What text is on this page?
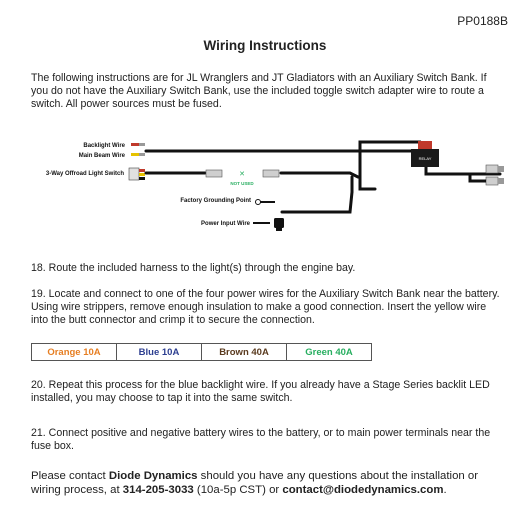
PP0188B
Wiring Instructions
The following instructions are for JL Wranglers and JT Gladiators with an Auxiliary Switch Bank. If you do not have the Auxiliary Switch Bank, use the included toggle switch adapter wire to route a switch. All power sources must be fused.
Backlight Wire
Main Beam Wire
3-Way Offroad Light Switch
Factory Grounding Point
Power Input Wire
✕
NOT USED
RELAY
18. Route the included harness to the light(s) through the engine bay.
19. Locate and connect to one of the four power wires for the Auxiliary Switch Bank near the battery. Using wire strippers, remove enough insulation to make a good connection. Insert the yellow wire into the butt connector and crimp it to secure the connection.
Orange 10A	Blue 10A	Brown 40A	Green 40A
20. Repeat this process for the blue backlight wire. If you already have a Stage Series backlit LED installed, you may choose to tap it into the same switch.
21. Connect positive and negative battery wires to the battery, or to main power terminals near the fuse box.
Please contact Diode Dynamics should you have any questions about the installation or wiring process, at 314-205-3033 (10a-5p CST) or contact@diodedynamics.com.
